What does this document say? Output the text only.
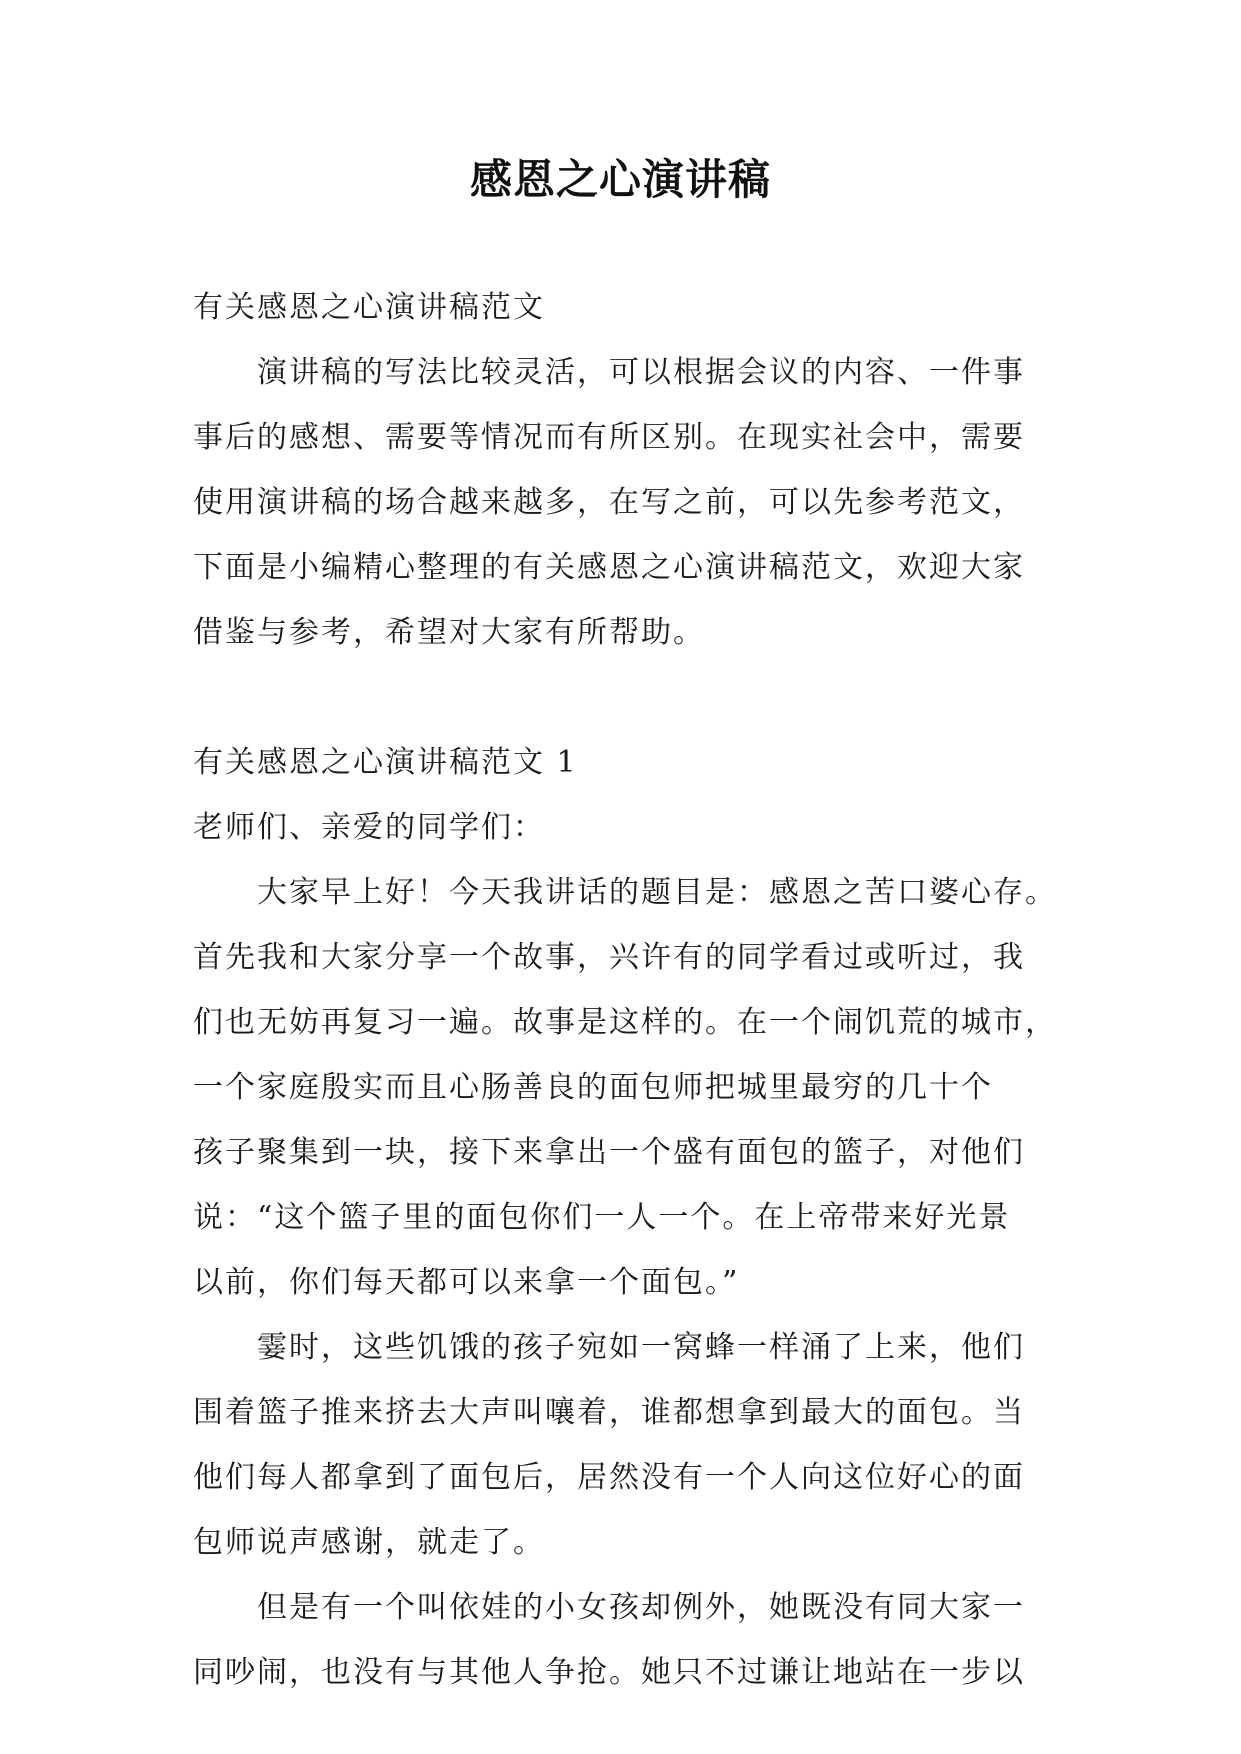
感恩之心演讲稿
有关感恩之心演讲稿范文
演讲稿的写法比较灵活，可以根据会议的内容、一件事
事后的感想、需要等情况而有所区别。在现实社会中，需要
使用演讲稿的场合越来越多，在写之前，可以先参考范文，
下面是小编精心整理的有关感恩之心演讲稿范文，欢迎大家
借鉴与参考，希望对大家有所帮助。
有关感恩之心演讲稿范文 1
老师们、亲爱的同学们：
大家早上好！今天我讲话的题目是：感恩之苦口婆心存。
首先我和大家分享一个故事，兴许有的同学看过或听过，我
们也无妨再复习一遍。故事是这样的。在一个闹饥荒的城市，
一个家庭殷实而且心肠善良的面包师把城里最穷的几十个
孩子聚集到一块，接下来拿出一个盛有面包的篮子，对他们
说：“这个篮子里的面包你们一人一个。在上帝带来好光景
以前，你们每天都可以来拿一个面包。”
霎时，这些饥饿的孩子宛如一窝蜂一样涌了上来，他们
围着篮子推来挤去大声叫嚷着，谁都想拿到最大的面包。当
他们每人都拿到了面包后，居然没有一个人向这位好心的面
包师说声感谢，就走了。
但是有一个叫依娃的小女孩却例外，她既没有同大家一
同吵闹，也没有与其他人争抢。她只不过谦让地站在一步以
